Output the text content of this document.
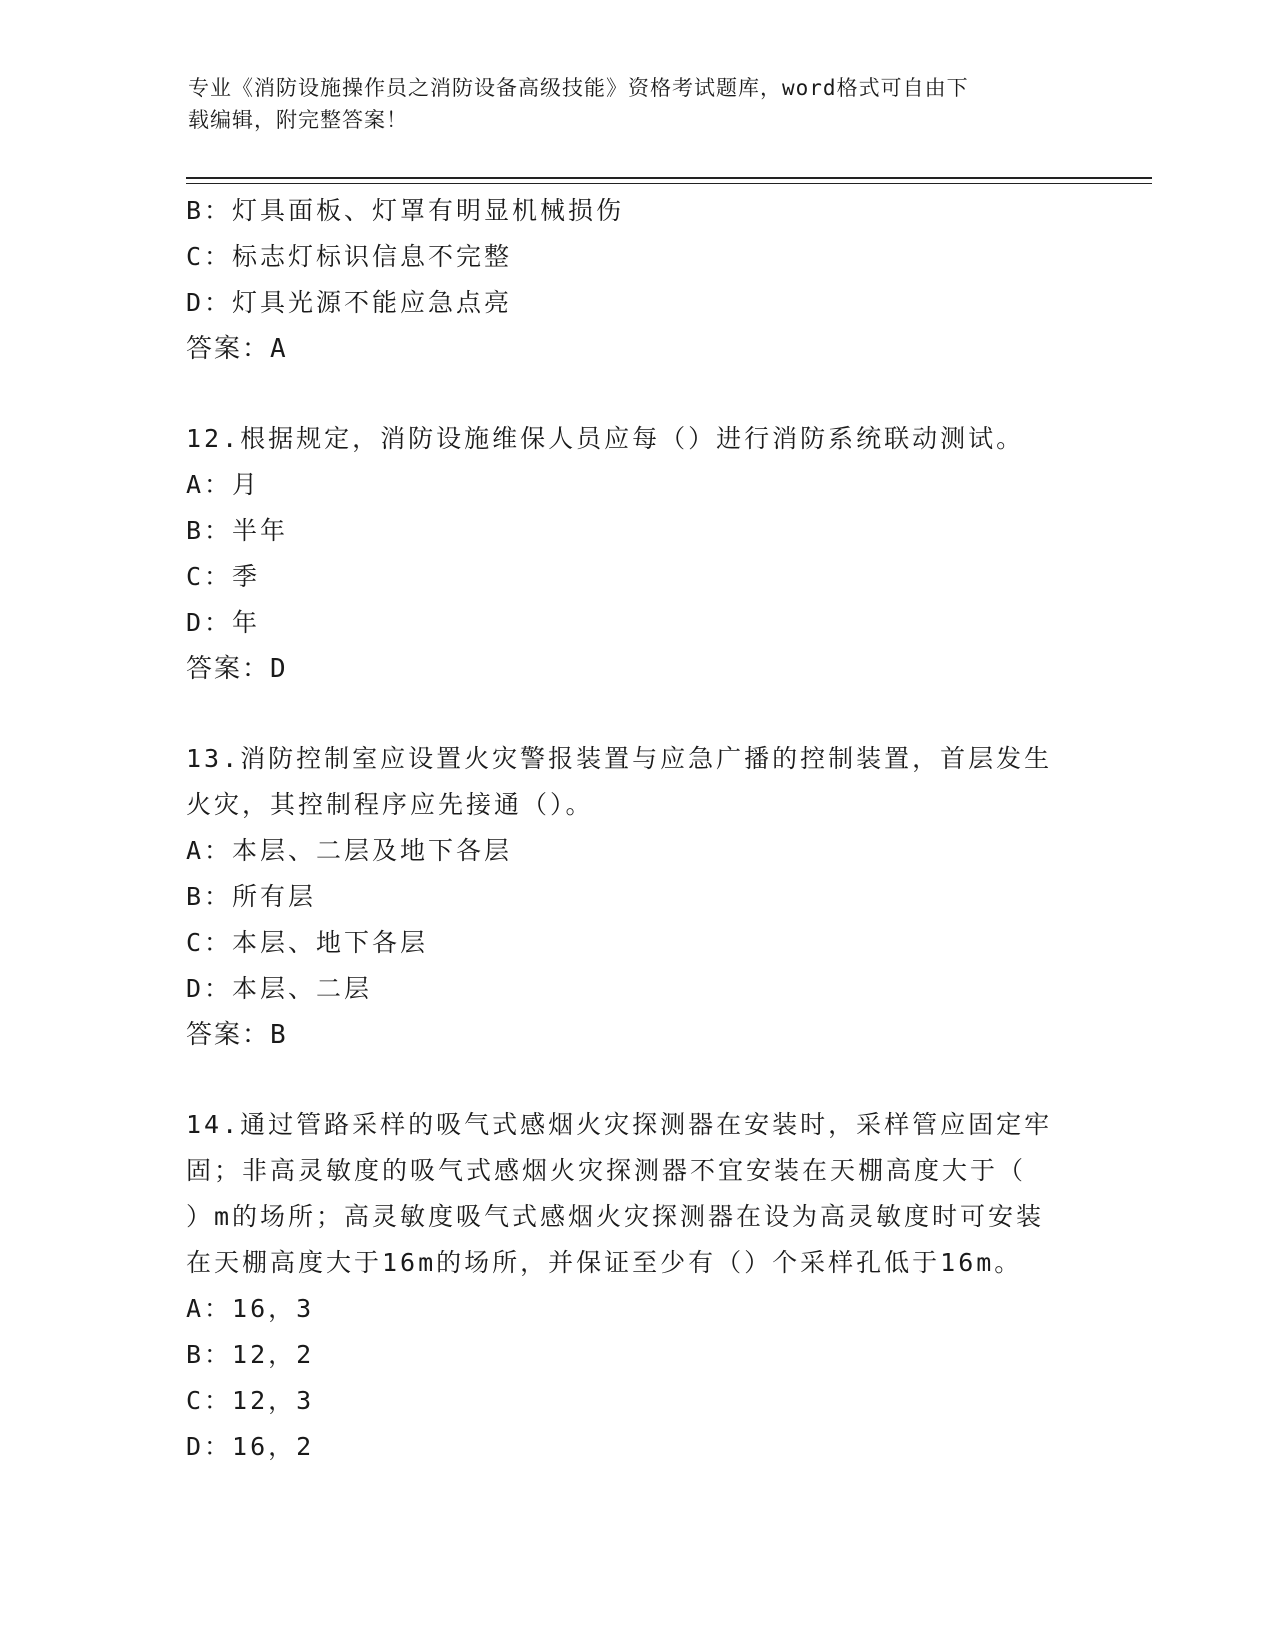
专业《消防设施操作员之消防设备高级技能》资格考试题库，word格式可自由下
载编辑，附完整答案！
B：灯具面板、灯罩有明显机械损伤
C：标志灯标识信息不完整
D：灯具光源不能应急点亮
答案：A
12.根据规定，消防设施维保人员应每（）进行消防系统联动测试。
A：月
B：半年
C：季
D：年
答案：D
13.消防控制室应设置火灾警报装置与应急广播的控制装置，首层发生
火灾，其控制程序应先接通（）。
A：本层、二层及地下各层
B：所有层
C：本层、地下各层
D：本层、二层
答案：B
14.通过管路采样的吸气式感烟火灾探测器在安装时，采样管应固定牢
固；非高灵敏度的吸气式感烟火灾探测器不宜安装在天棚高度大于（
）m的场所；高灵敏度吸气式感烟火灾探测器在设为高灵敏度时可安装
在天棚高度大于16m的场所，并保证至少有（）个采样孔低于16m。
A：16，3
B：12，2
C：12，3
D：16，2
